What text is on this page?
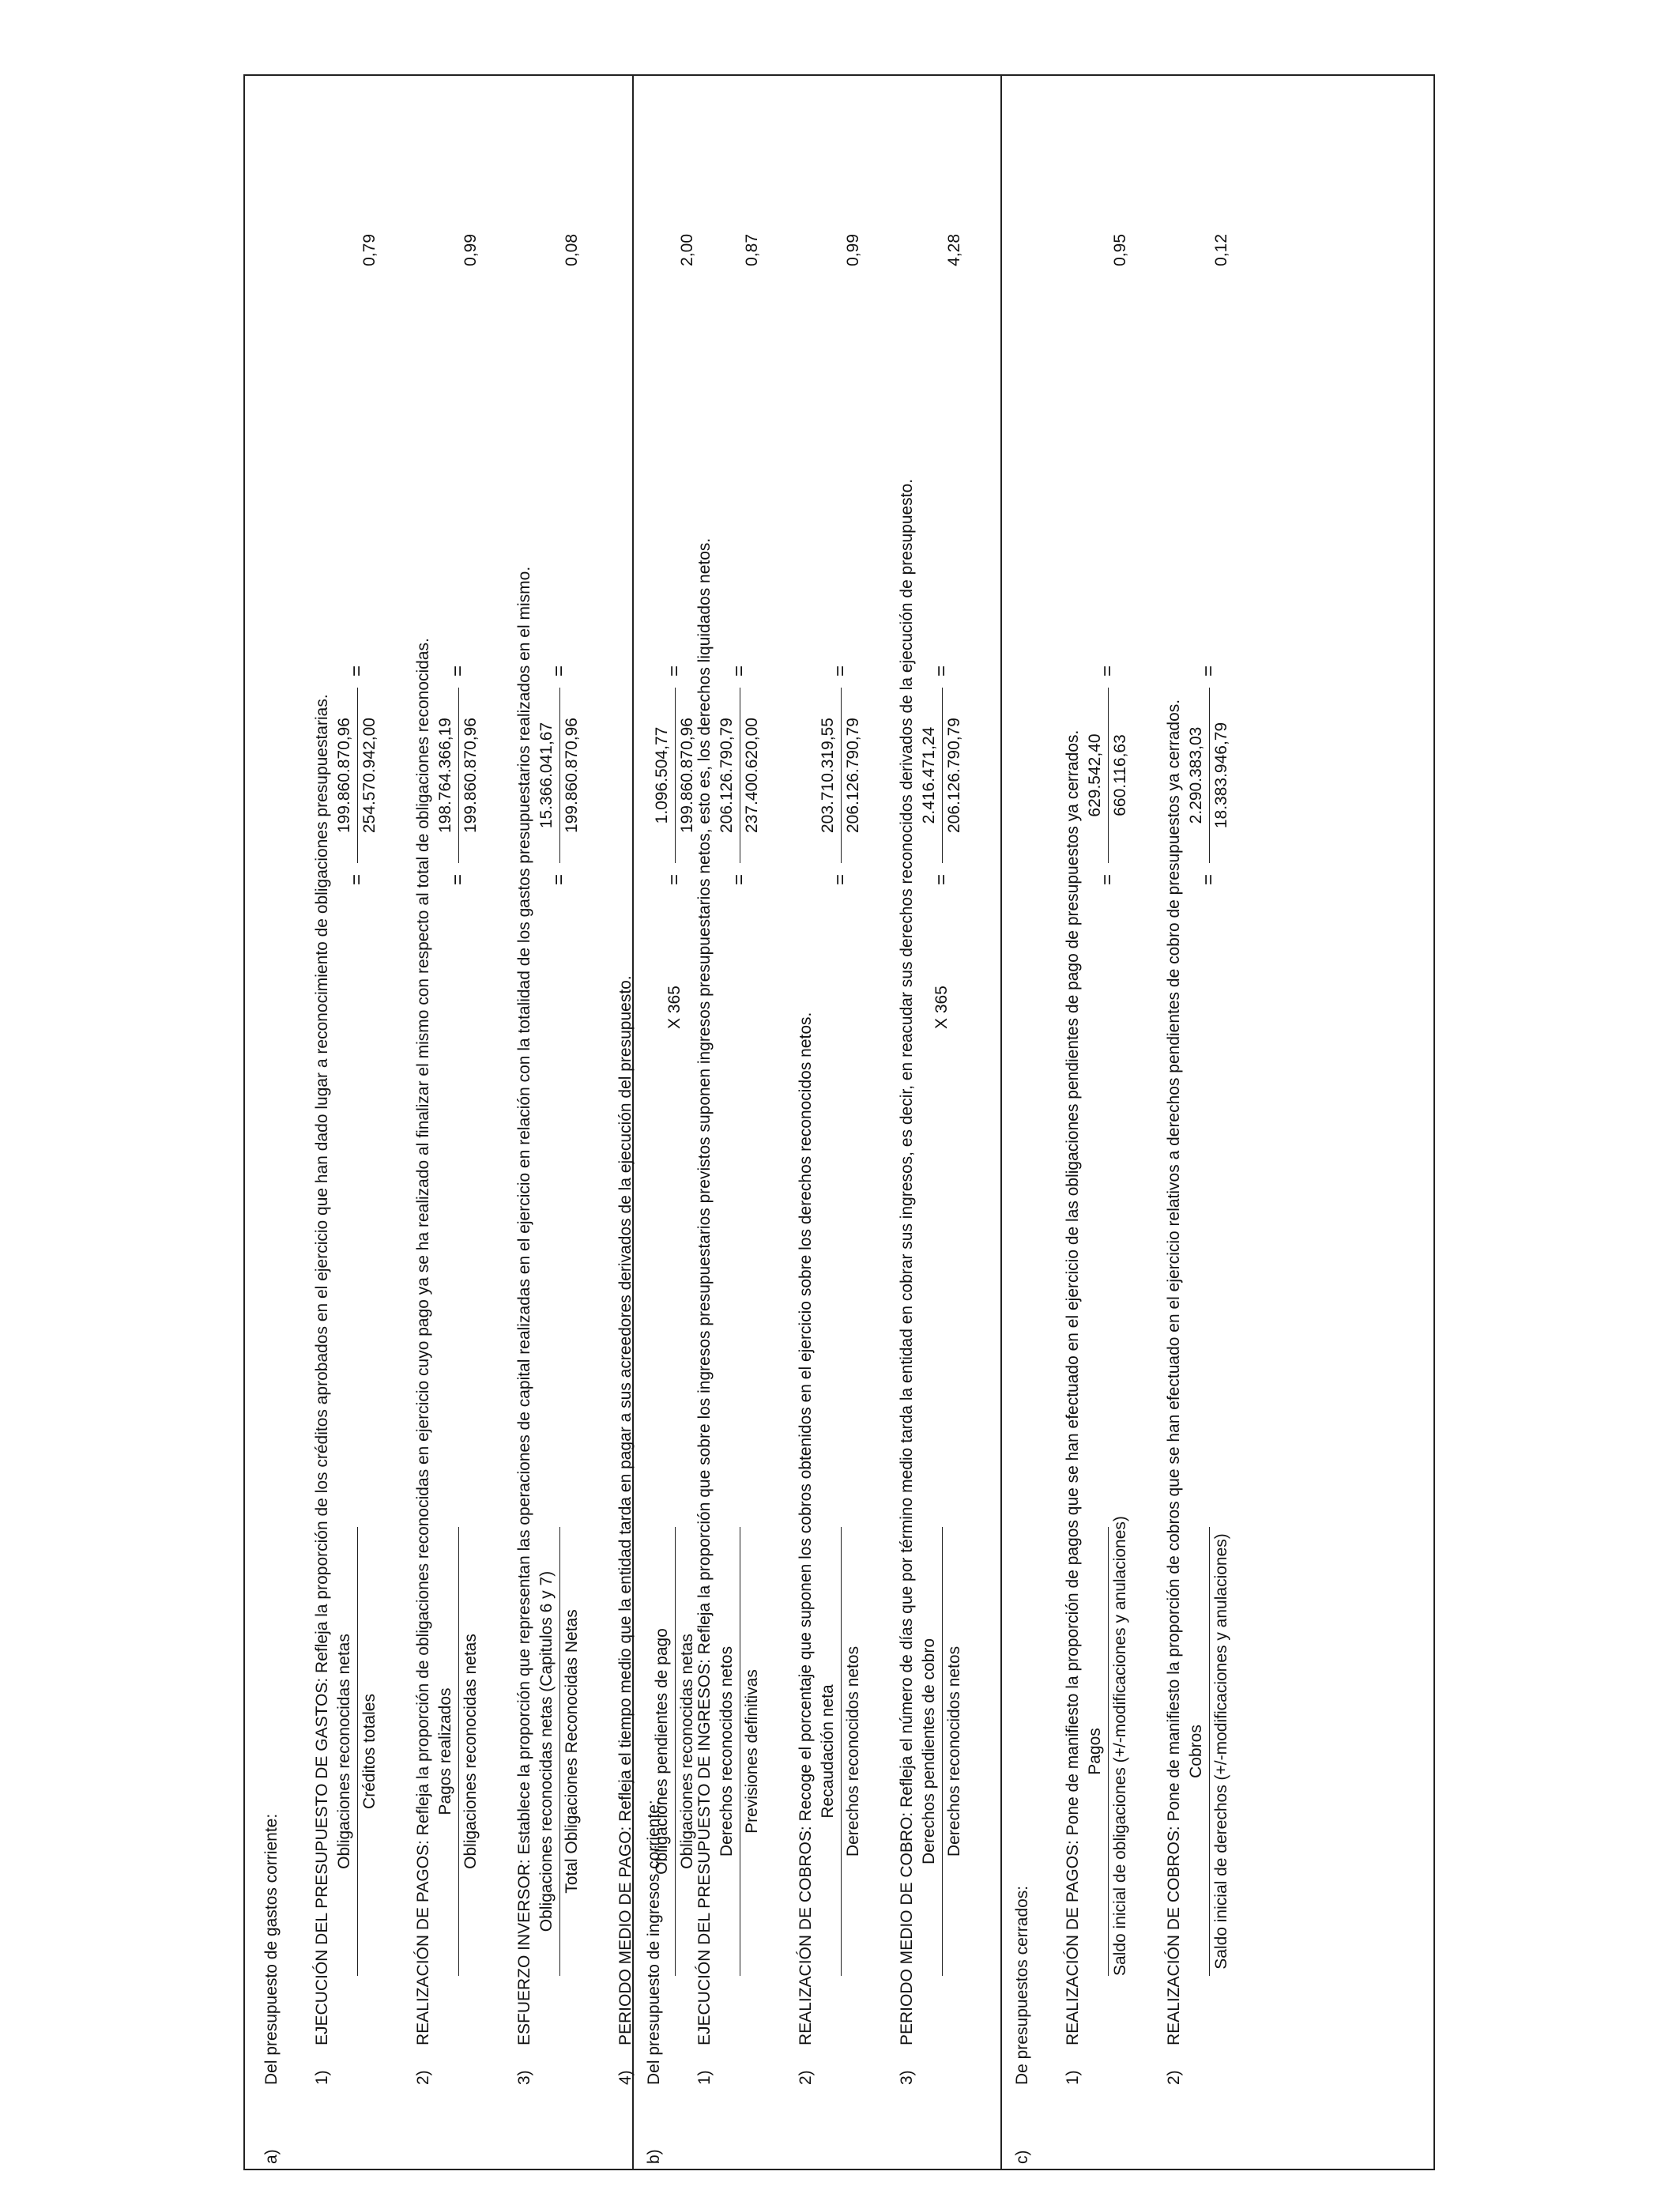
a)
Del presupuesto de gastos corriente:
b)
Del presupuesto de ingresos corriente:
c)
De presupuestos cerrados:
1)
EJECUCIÓN DEL PRESUPUESTO DE GASTOS: Refleja la proporción de los créditos aprobados en el ejercicio que han dado lugar a reconocimiento de obligaciones presupuestarias. Obligaciones reconocidas netas Créditos totales
=
199.860.870,96 254.570.942,00
=
0,79
2)
REALIZACIÓN DE PAGOS: Refleja la proporción de obligaciones reconocidas en ejercicio cuyo pago ya se ha realizado al finalizar el mismo con respecto al total de obligaciones reconocidas. Pagos realizados Obligaciones reconocidas netas
=
198.764.366,19 199.860.870,96
=
0,99
3)
ESFUERZO INVERSOR: Establece la proporción que representan las operaciones de capital realizadas en el ejercicio en relación con la totalidad de los gastos presupuestarios realizados en el mismo. Obligaciones reconocidas netas (Capitulos 6 y 7) Total Obligaciones Reconocidas Netas
=
15.366.041,67 199.860.870,96
=
0,08
4)
PERIODO MEDIO DE PAGO: Refleja el tiempo medio que la entidad tarda en pagar a sus acreedores derivados de la ejecución del presupuesto. Obligaciones pendientes de pago Obligaciones reconocidas netas
X 365
=
1.096.504,77 199.860.870,96
=
2,00
1)
EJECUCIÓN DEL PRESUPUESTO DE INGRESOS: Refleja la proporción que sobre los ingresos presupuestarios previstos suponen ingresos presupuestarios netos, esto es, los derechos liquidados netos. Derechos reconocidos netos Previsiones definitivas
=
206.126.790,79 237.400.620,00
=
0,87
2)
REALIZACIÓN DE COBROS: Recoge el porcentaje que suponen los cobros obtenidos en el ejercicio sobre los derechos reconocidos netos. Recaudación neta Derechos reconocidos netos
=
203.710.319,55 206.126.790,79
=
0,99
3)
PERIODO MEDIO DE COBRO: Refleja el número de días que por término medio tarda la entidad en cobrar sus ingresos, es decir, en reacudar sus derechos reconocidos derivados de la ejecución de presupuesto. Derechos pendientes de cobro Derechos reconocidos netos
X 365
=
2.416.471,24 206.126.790,79
=
4,28
1)
REALIZACIÓN DE PAGOS: Pone de manifiesto la proporción de pagos que se han efectuado en el ejercicio de las obligaciones pendientes de pago de presupuestos ya cerrados. Pagos Saldo inicial de obligaciones (+/-modificaciones y anulaciones)
=
629.542,40 660.116,63
=
0,95
2)
REALIZACIÓN DE COBROS: Pone de manifiesto la proporción de cobros que se han efectuado en el ejercicio relativos a derechos pendientes de cobro de presupuestos ya cerrados. Cobros Saldo inicial de derechos (+/-modificaciones y anulaciones)
=
2.290.383,03 18.383.946,79
=
0,12
